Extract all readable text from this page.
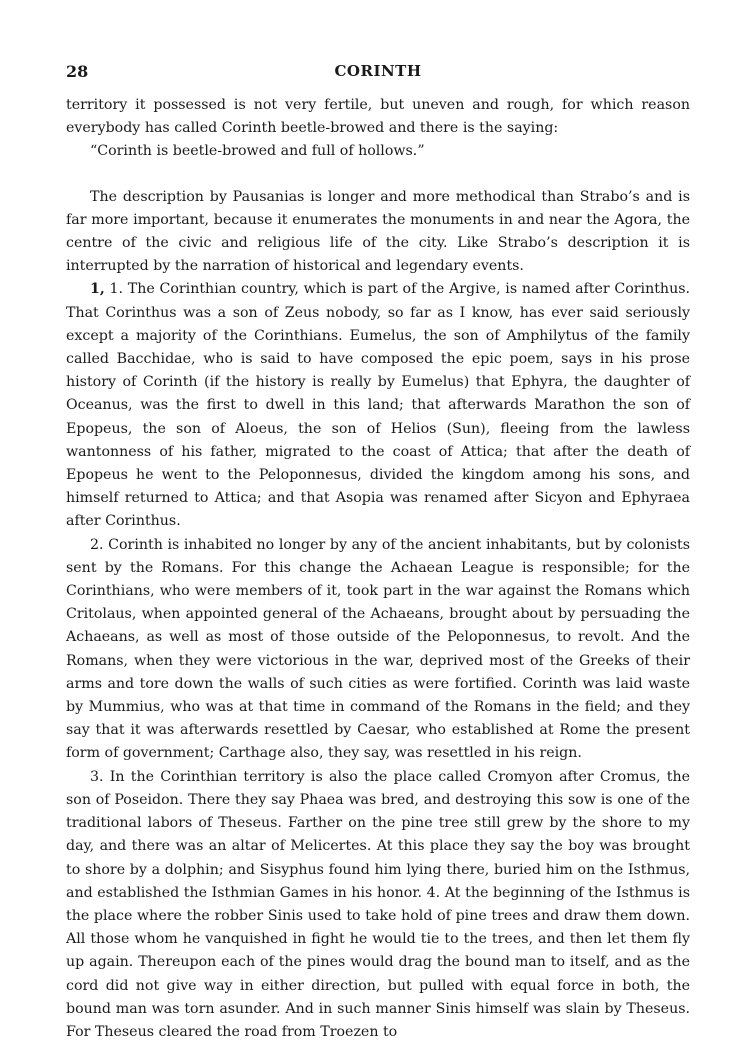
28	CORINTH

territory it possessed is not very fertile, but uneven and rough, for which reason everybody has called Corinth beetle-browed and there is the saying:

“Corinth is beetle-browed and full of hollows.”

The description by Pausanias is longer and more methodical than Strabo’s and is far more important, because it enumerates the monuments in and near the Agora, the centre of the civic and religious life of the city. Like Strabo’s description it is interrupted by the narration of historical and legendary events.

1, 1. The Corinthian country, which is part of the Argive, is named after Corinthus. That Corinthus was a son of Zeus nobody, so far as I know, has ever said seriously except a majority of the Corinthians. Eumelus, the son of Amphilytus of the family called Bacchidae, who is said to have composed the epic poem, says in his prose history of Corinth (if the history is really by Eumelus) that Ephyra, the daughter of Oceanus, was the first to dwell in this land; that afterwards Marathon the son of Epopeus, the son of Aloeus, the son of Helios (Sun), fleeing from the lawless wantonness of his father, migrated to the coast of Attica; that after the death of Epopeus he went to the Peloponnesus, divided the kingdom among his sons, and himself returned to Attica; and that Asopia was renamed after Sicyon and Ephyraea after Corinthus.

2. Corinth is inhabited no longer by any of the ancient inhabitants, but by colonists sent by the Romans. For this change the Achaean League is responsible; for the Corinthians, who were members of it, took part in the war against the Romans which Critolaus, when appointed general of the Achaeans, brought about by persuading the Achaeans, as well as most of those outside of the Peloponnesus, to revolt. And the Romans, when they were victorious in the war, deprived most of the Greeks of their arms and tore down the walls of such cities as were fortified. Corinth was laid waste by Mummius, who was at that time in command of the Romans in the field; and they say that it was afterwards resettled by Caesar, who established at Rome the present form of government; Carthage also, they say, was resettled in his reign.

3. In the Corinthian territory is also the place called Cromyon after Cromus, the son of Poseidon. There they say Phaea was bred, and destroying this sow is one of the traditional labors of Theseus. Farther on the pine tree still grew by the shore to my day, and there was an altar of Melicertes. At this place they say the boy was brought to shore by a dolphin; and Sisyphus found him lying there, buried him on the Isthmus, and established the Isthmian Games in his honor. 4. At the beginning of the Isthmus is the place where the robber Sinis used to take hold of pine trees and draw them down. All those whom he vanquished in fight he would tie to the trees, and then let them fly up again. Thereupon each of the pines would drag the bound man to itself, and as the cord did not give way in either direction, but pulled with equal force in both, the bound man was torn asunder. And in such manner Sinis himself was slain by Theseus. For Theseus cleared the road from Troezen to
